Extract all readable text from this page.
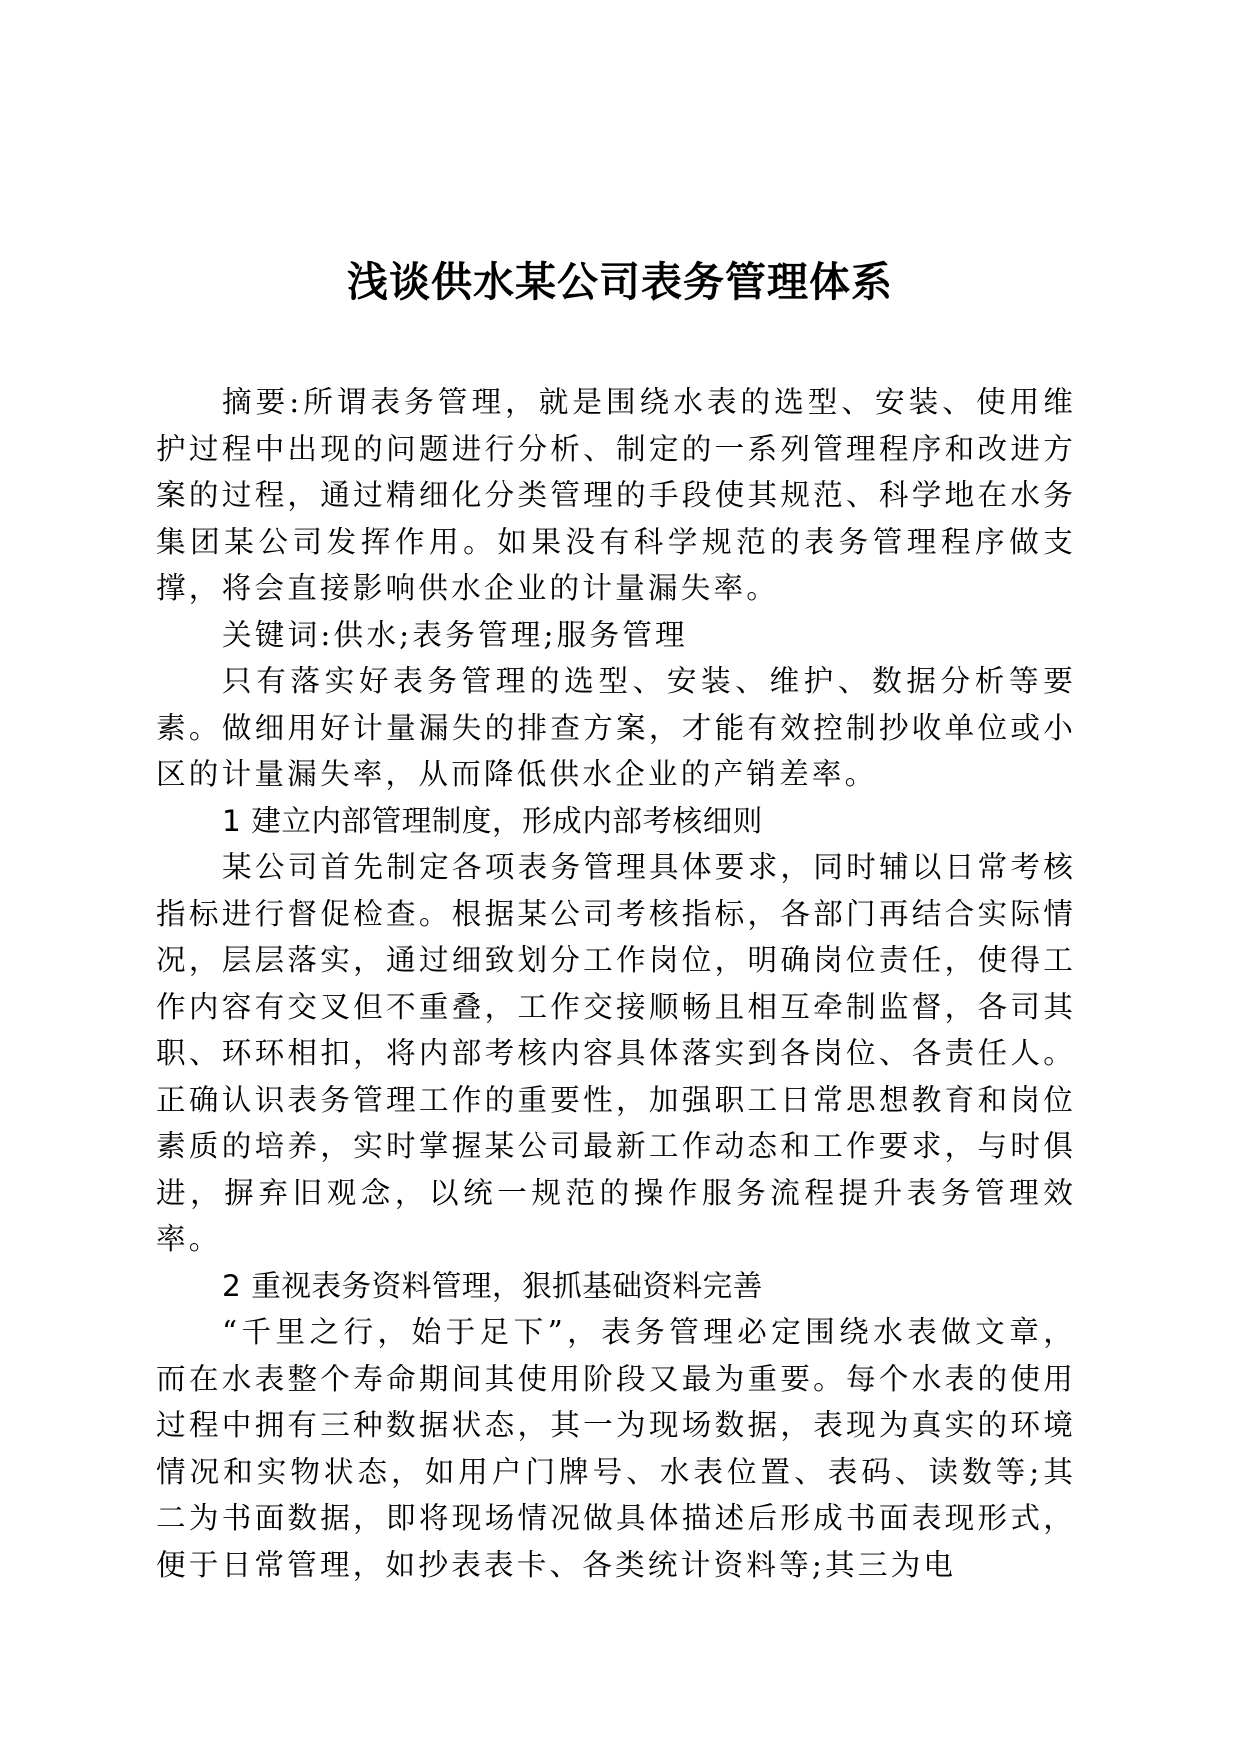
浅谈供水某公司表务管理体系

摘要:所谓表务管理，就是围绕水表的选型、安装、使用维护过程中出现的问题进行分析、制定的一系列管理程序和改进方案的过程，通过精细化分类管理的手段使其规范、科学地在水务集团某公司发挥作用。如果没有科学规范的表务管理程序做支撑，将会直接影响供水企业的计量漏失率。

关键词:供水;表务管理;服务管理

只有落实好表务管理的选型、安装、维护、数据分析等要素。做细用好计量漏失的排查方案，才能有效控制抄收单位或小区的计量漏失率，从而降低供水企业的产销差率。

1 建立内部管理制度，形成内部考核细则

某公司首先制定各项表务管理具体要求，同时辅以日常考核指标进行督促检查。根据某公司考核指标，各部门再结合实际情况，层层落实，通过细致划分工作岗位，明确岗位责任，使得工作内容有交叉但不重叠，工作交接顺畅且相互牵制监督，各司其职、环环相扣，将内部考核内容具体落实到各岗位、各责任人。正确认识表务管理工作的重要性，加强职工日常思想教育和岗位素质的培养，实时掌握某公司最新工作动态和工作要求，与时俱进，摒弃旧观念，以统一规范的操作服务流程提升表务管理效率。

2 重视表务资料管理，狠抓基础资料完善

“千里之行，始于足下”，表务管理必定围绕水表做文章，而在水表整个寿命期间其使用阶段又最为重要。每个水表的使用过程中拥有三种数据状态，其一为现场数据，表现为真实的环境情况和实物状态，如用户门牌号、水表位置、表码、读数等;其二为书面数据，即将现场情况做具体描述后形成书面表现形式，便于日常管理，如抄表表卡、各类统计资料等;其三为电
